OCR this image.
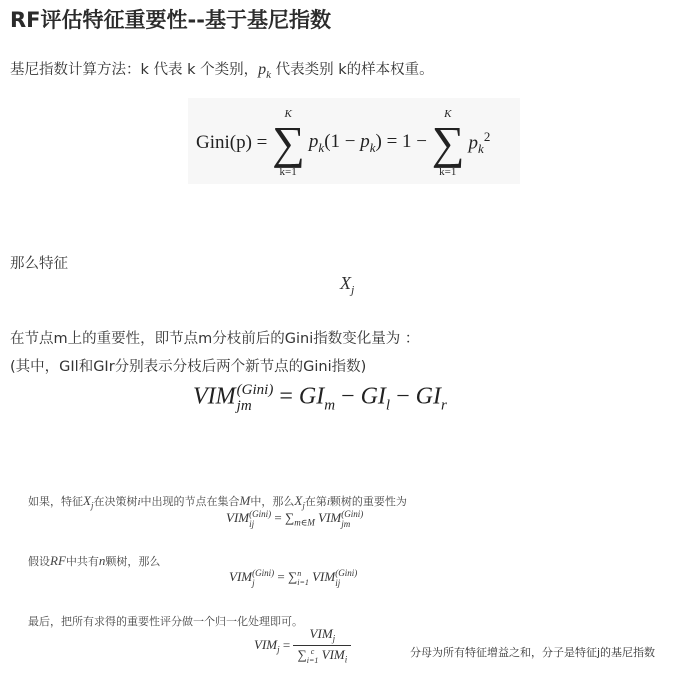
RF评估特征重要性--基于基尼指数
基尼指数计算方法：k 代表 k 个类别，$p_k$ 代表类别 k的样本权重。
Gini(p) =
K
∑
k=1
$p_k(1 - p_k) = 1$ −
K
∑
k=1
$p_k^2$
那么特征
$X_j$
在节点m上的重要性，即节点m分枝前后的Gini指数变化量为 ：
(其中，GIl和GIr分别表示分枝后两个新节点的Gini指数)
VIM (Gini)
jm = $GI_m - GI_l - GI_r$
如果，特征$X_j$在决策树i中出现的节点在集合M中，那么$X_j$在第i颗树的重要性为
VIM (Gini)
ij	= $\sum_{m\in M}$ VIM (Gini)
jm
假设RF中共有n颗树，那么
VIM (Gini)
j	= ∑ n
i=1 VIM (Gini)
ij
最后，把所有求得的重要性评分做一个归一化处理即可。
$VIM_j = VIM_j$
∑ c
i=1 $VIM_i$	分母为所有特征增益之和，分子是特征j的基尼指数
